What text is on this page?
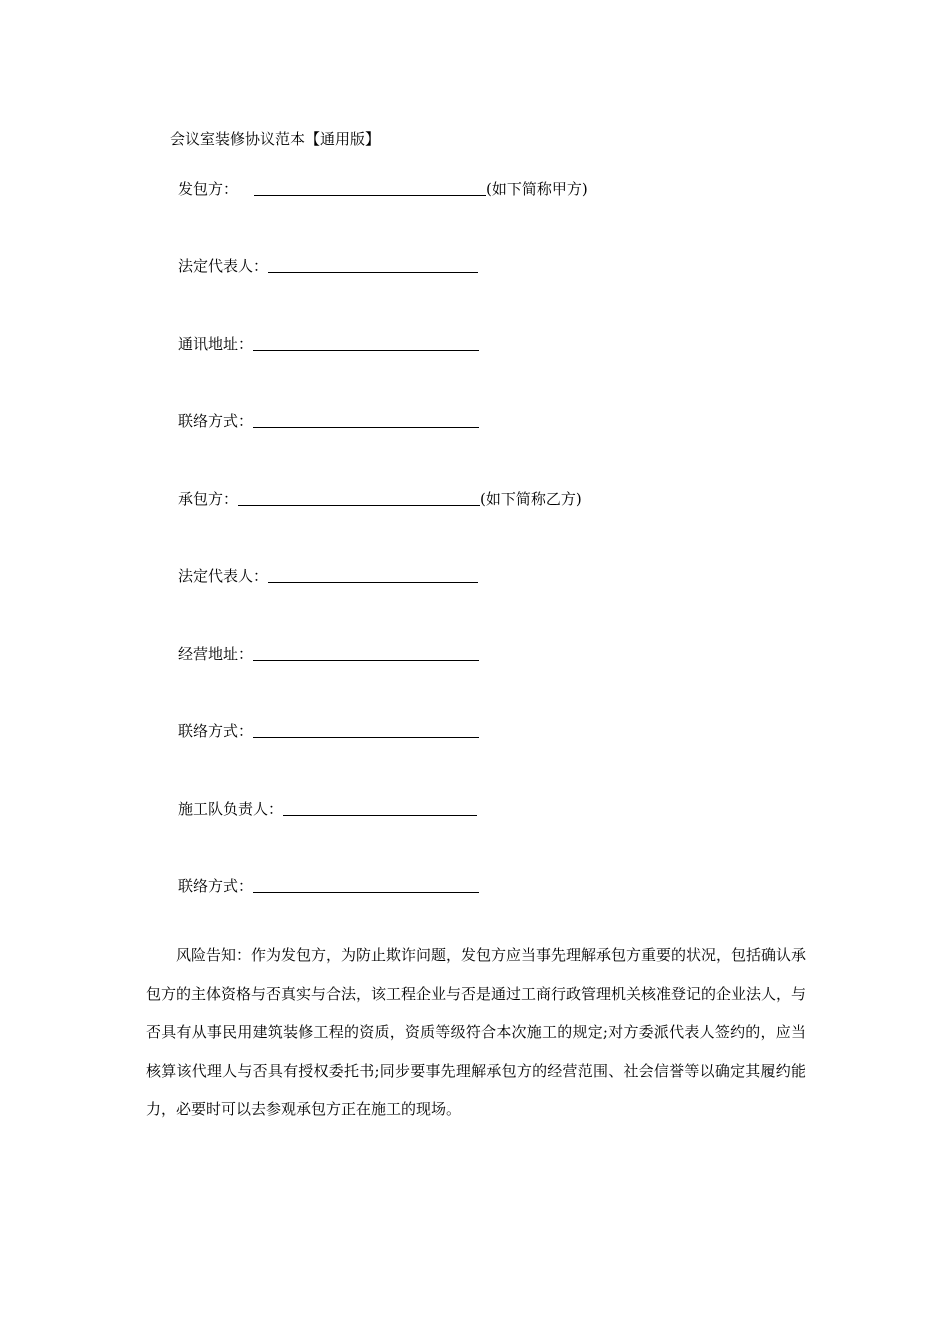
会议室装修协议范本【通用版】
发包方：	(如下简称甲方)
法定代表人：
通讯地址：
联络方式：
承包方：	(如下简称乙方)
法定代表人：
经营地址：
联络方式：
施工队负责人：
联络方式：

风险告知：作为发包方，为防止欺诈问题，发包方应当事先理解承包方重要的状况，包括确认承包方的主体资格与否真实与合法，该工程企业与否是通过工商行政管理机关核准登记的企业法人，与否具有从事民用建筑装修工程的资质，资质等级符合本次施工的规定;对方委派代表人签约的，应当核算该代理人与否具有授权委托书;同步要事先理解承包方的经营范围、社会信誉等以确定其履约能力，必要时可以去参观承包方正在施工的现场。
